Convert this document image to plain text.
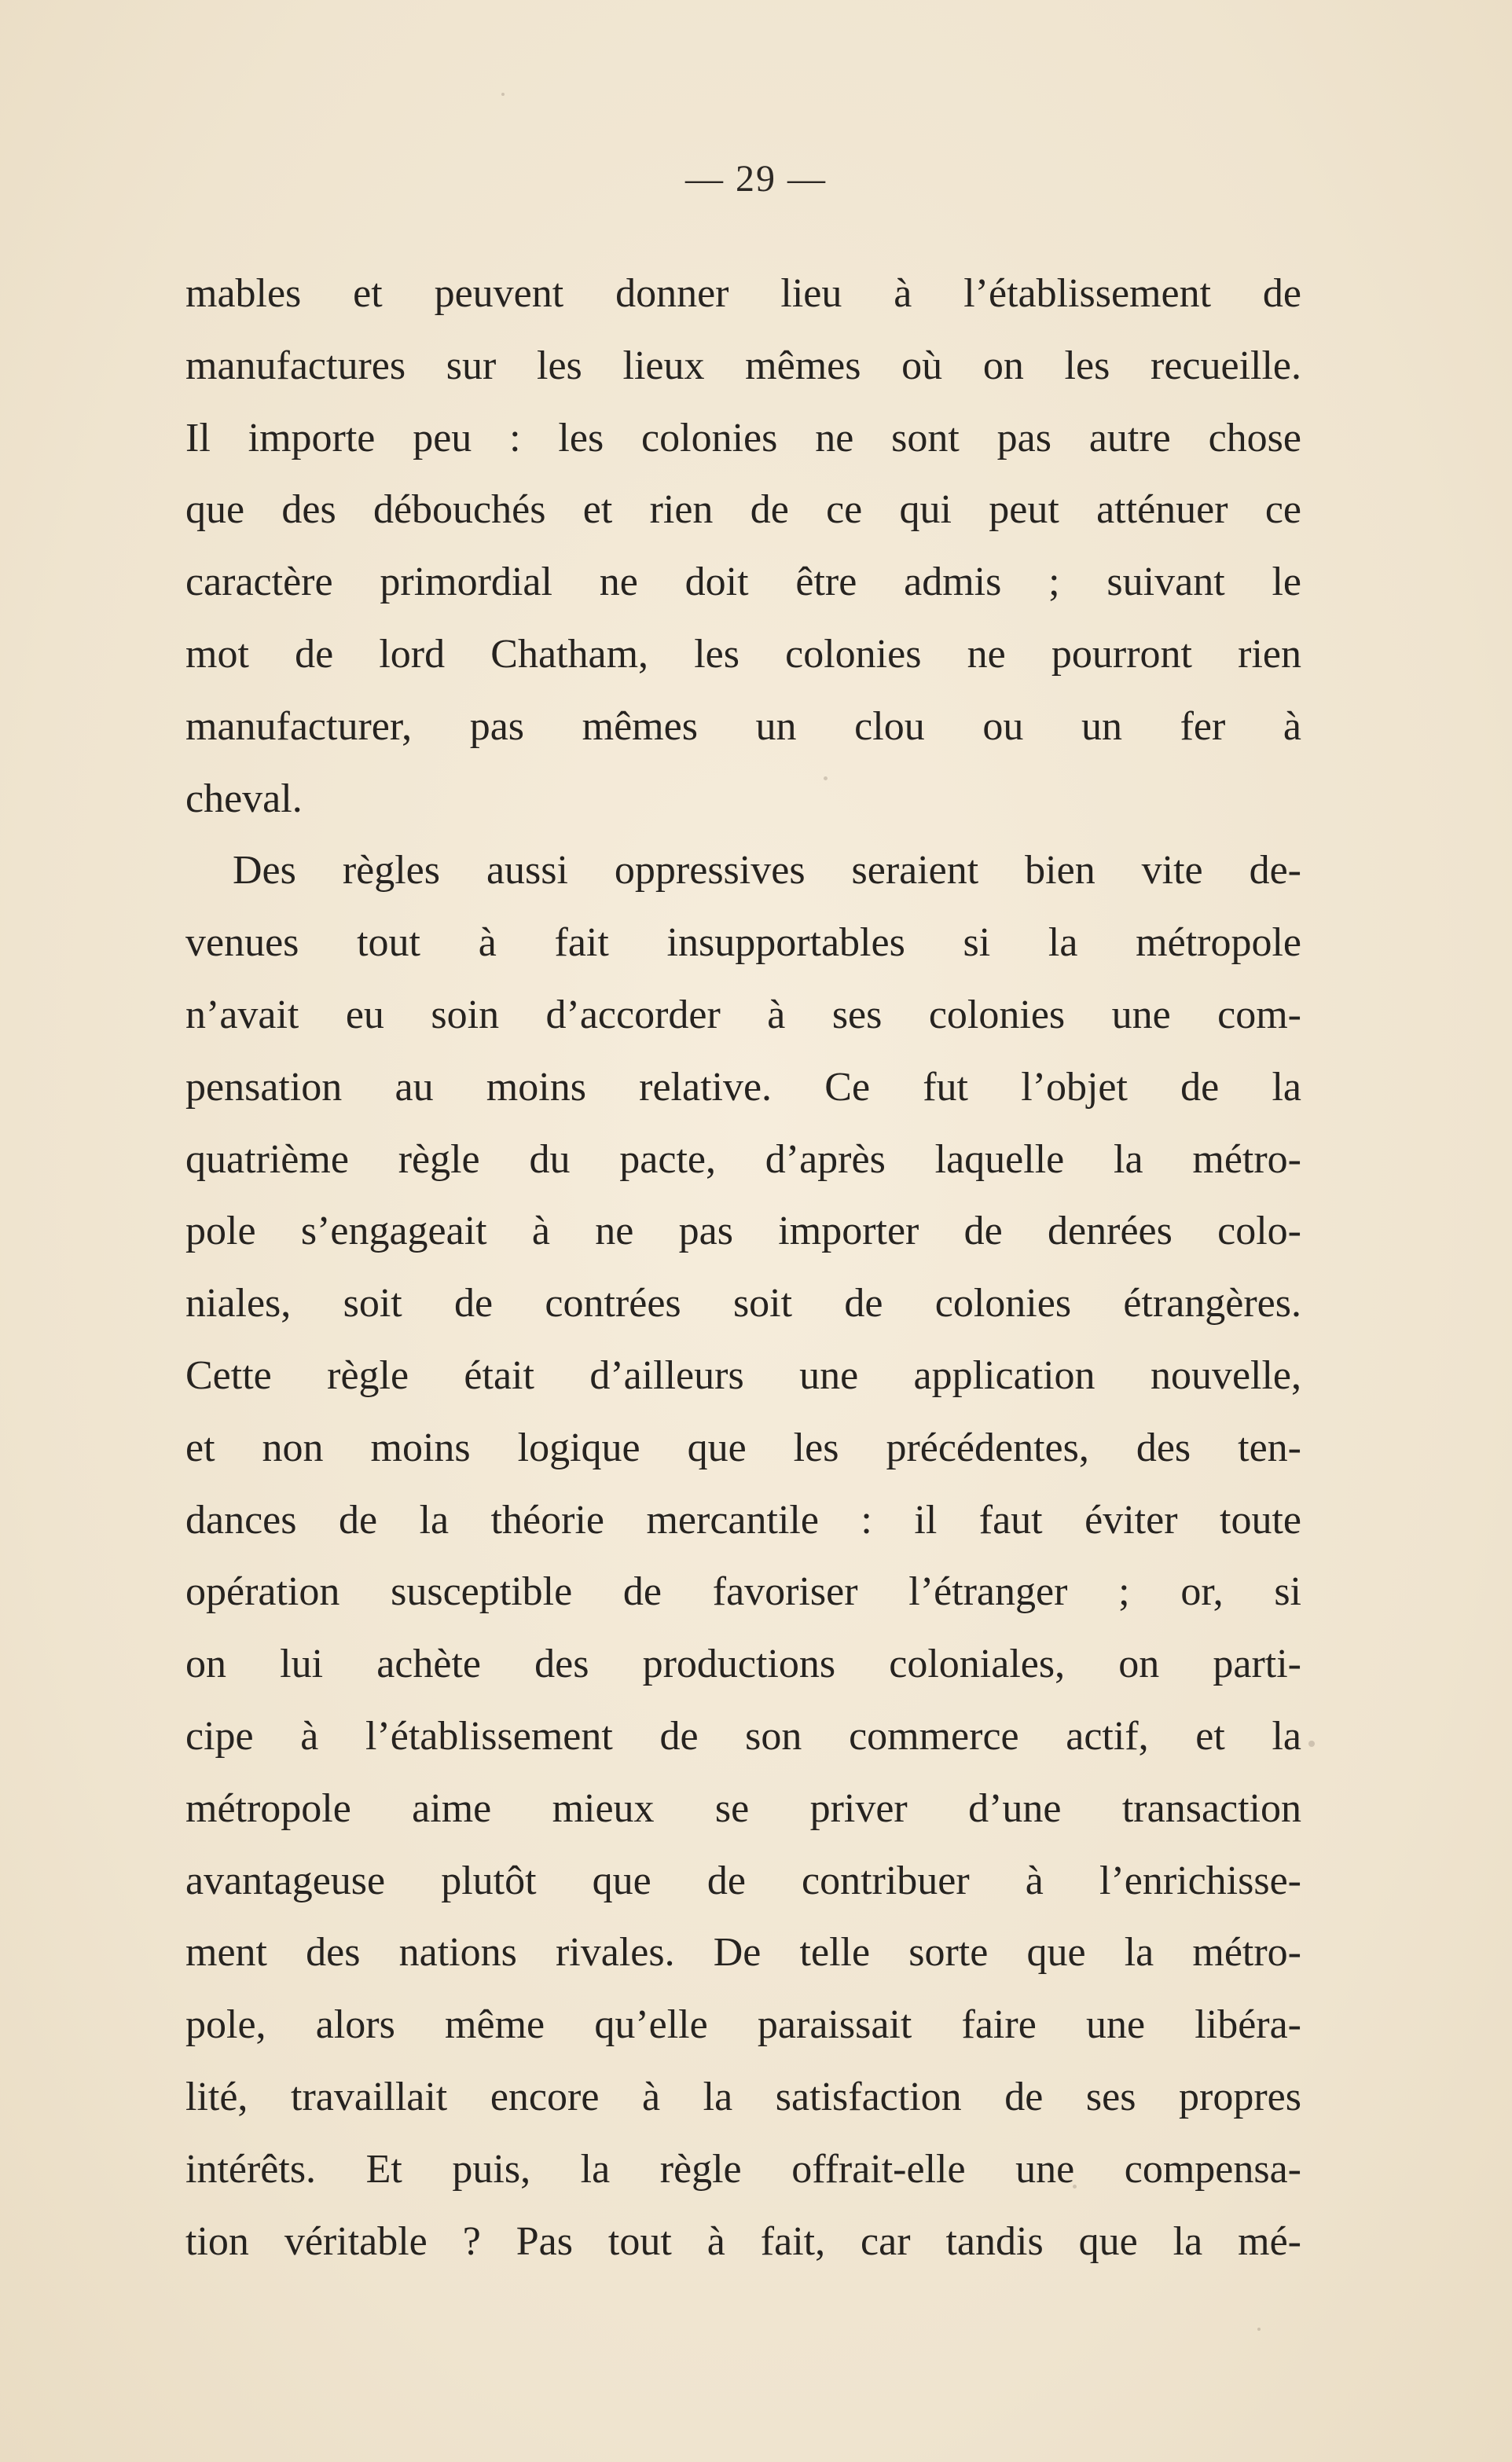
— 29 —
mables et peuvent donner lieu à l’établissement de
manufactures sur les lieux mêmes où on les recueille.
Il importe peu : les colonies ne sont pas autre chose
que des débouchés et rien de ce qui peut atténuer ce
caractère primordial ne doit être admis ; suivant le
mot de lord Chatham, les colonies ne pourront rien
manufacturer, pas mêmes un clou ou un fer à
cheval.
Des règles aussi oppressives seraient bien vite de-
venues tout à fait insupportables si la métropole
n’avait eu soin d’accorder à ses colonies une com-
pensation au moins relative. Ce fut l’objet de la
quatrième règle du pacte, d’après laquelle la métro-
pole s’engageait à ne pas importer de denrées colo-
niales, soit de contrées soit de colonies étrangères.
Cette règle était d’ailleurs une application nouvelle,
et non moins logique que les précédentes, des ten-
dances de la théorie mercantile : il faut éviter toute
opération susceptible de favoriser l’étranger ; or, si
on lui achète des productions coloniales, on parti-
cipe à l’établissement de son commerce actif, et la
métropole aime mieux se priver d’une transaction
avantageuse plutôt que de contribuer à l’enrichisse-
ment des nations rivales. De telle sorte que la métro-
pole, alors même qu’elle paraissait faire une libéra-
lité, travaillait encore à la satisfaction de ses propres
intérêts. Et puis, la règle offrait-elle une compensa-
tion véritable ? Pas tout à fait, car tandis que la mé-
